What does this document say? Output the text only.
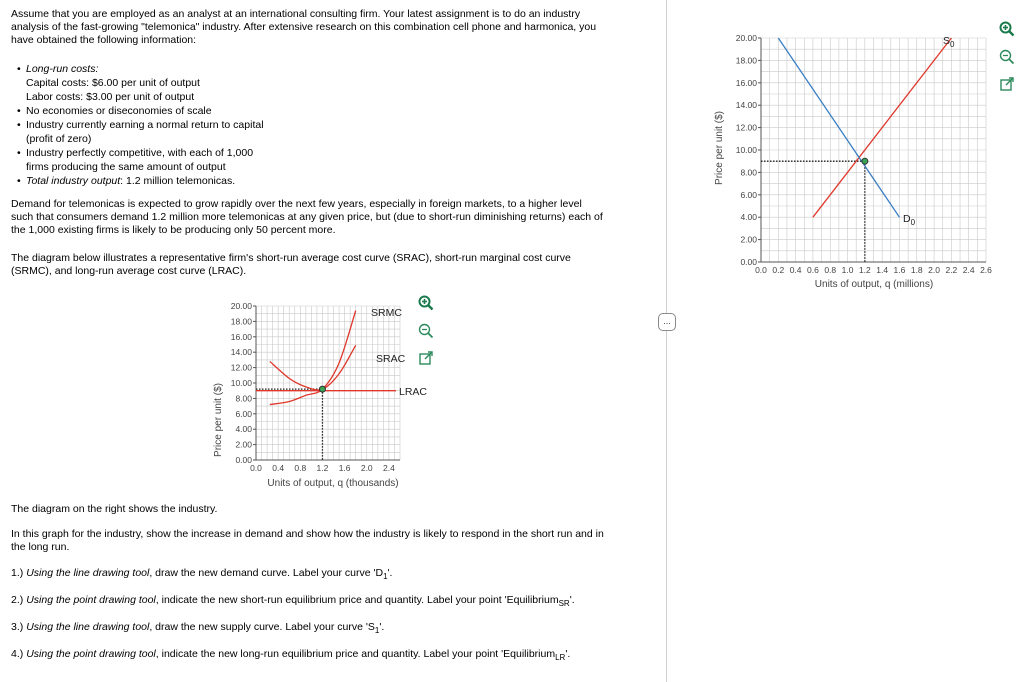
Assume that you are employed as an analyst at an international consulting firm. Your latest assignment is to do an industry

analysis of the fast-growing "telemonica" industry. After extensive research on this combination cell phone and harmonica, you

have obtained the following information:

• Long-run costs:
Capital costs: $6.00 per unit of output
Labor costs: $3.00 per unit of output
• No economies or diseconomies of scale
• Industry currently earning a normal return to capital
(profit of zero)
• Industry perfectly competitive, with each of 1,000
firms producing the same amount of output
• Total industry output: 1.2 million telemonicas.

Demand for telemonicas is expected to grow rapidly over the next few years, especially in foreign markets, to a higher level

such that consumers demand 1.2 million more telemonicas at any given price, but (due to short-run diminishing returns) each of

the 1,000 existing firms is likely to be producing only 50 percent more.

The diagram below illustrates a representative firm's short-run average cost curve (SRAC), short-run marginal cost curve

(SRMC), and long-run average cost curve (LRAC).

Price per unit ($)
Units of output, q (thousands)
0.00
2.00
4.00
6.00
8.00
10.00
12.00
14.00
16.00
18.00
20.00
0.0 0.4 0.8 1.2 1.6 2.0 2.4
SRMC
SRAC
LRAC
The diagram on the right shows the industry.

In this graph for the industry, show the increase in demand and show how the industry is likely to respond in the short run and in

the long run.

1.) Using the line drawing tool, draw the new demand curve. Label your curve '$D_1$'.
2.) Using the point drawing tool, indicate the new short-run equilibrium price and quantity. Label your point 'Equilibrium$_{SR}$'.
3.) Using the line drawing tool, draw the new supply curve. Label your curve '$S_1$'.
4.) Using the point drawing tool, indicate the new long-run equilibrium price and quantity. Label your point 'Equilibrium$_{LR}$'.
...
Price per unit ($)
Units of output, q (millions)
0.00
2.00
4.00
6.00
8.00
10.00
12.00
14.00
16.00
18.00
20.00
0.0 0.2 0.4 0.6 0.8 1.0 1.2 1.4 1.6 1.8 2.0 2.2 2.4 2.6
$S_0$
$D_0$
